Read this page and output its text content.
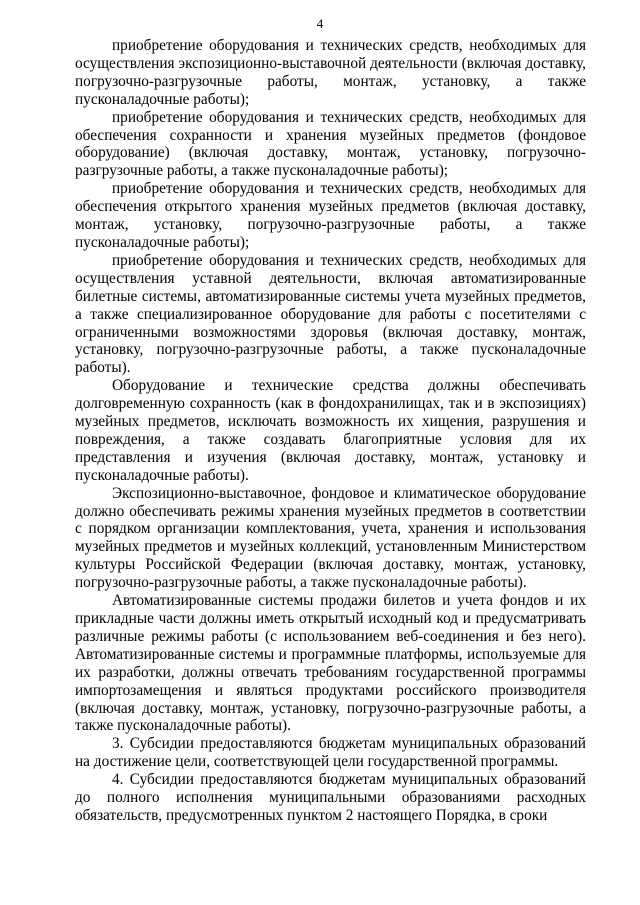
4

приобретение оборудования и технических средств, необходимых для осуществления экспозиционно-выставочной деятельности (включая доставку, погрузочно-разгрузочные работы, монтаж, установку, а также пусконаладочные работы);

приобретение оборудования и технических средств, необходимых для обеспечения сохранности и хранения музейных предметов (фондовое оборудование) (включая доставку, монтаж, установку, погрузочно-разгрузочные работы, а также пусконаладочные работы);

приобретение оборудования и технических средств, необходимых для обеспечения открытого хранения музейных предметов (включая доставку, монтаж, установку, погрузочно-разгрузочные работы, а также пусконаладочные работы);

приобретение оборудования и технических средств, необходимых для осуществления уставной деятельности, включая автоматизированные билетные системы, автоматизированные системы учета музейных предметов, а также специализированное оборудование для работы с посетителями с ограниченными возможностями здоровья (включая доставку, монтаж, установку, погрузочно-разгрузочные работы, а также пусконаладочные работы).

Оборудование и технические средства должны обеспечивать долговременную сохранность (как в фондохранилищах, так и в экспозициях) музейных предметов, исключать возможность их хищения, разрушения и повреждения, а также создавать благоприятные условия для их представления и изучения (включая доставку, монтаж, установку и пусконаладочные работы).

Экспозиционно-выставочное, фондовое и климатическое оборудование должно обеспечивать режимы хранения музейных предметов в соответствии с порядком организации комплектования, учета, хранения и использования музейных предметов и музейных коллекций, установленным Министерством культуры Российской Федерации (включая доставку, монтаж, установку, погрузочно-разгрузочные работы, а также пусконаладочные работы).

Автоматизированные системы продажи билетов и учета фондов и их прикладные части должны иметь открытый исходный код и предусматривать различные режимы работы (с использованием веб-соединения и без него). Автоматизированные системы и программные платформы, используемые для их разработки, должны отвечать требованиям государственной программы импортозамещения и являться продуктами российского производителя (включая доставку, монтаж, установку, погрузочно-разгрузочные работы, а также пусконаладочные работы).

3. Субсидии предоставляются бюджетам муниципальных образований на достижение цели, соответствующей цели государственной программы.

4. Субсидии предоставляются бюджетам муниципальных образований до полного исполнения муниципальными образованиями расходных обязательств, предусмотренных пунктом 2 настоящего Порядка, в сроки
